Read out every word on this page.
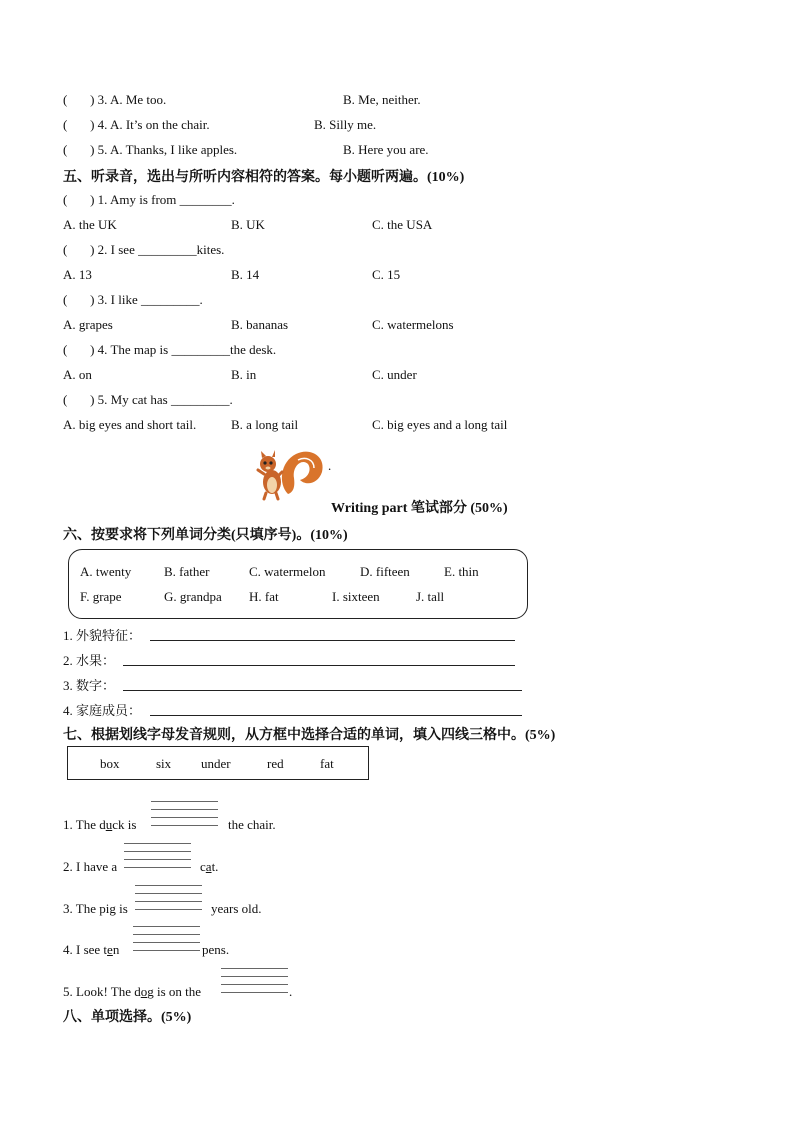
(       ) 3. A. Me too.	B. Me, neither.
(       ) 4. A. It’s on the chair.	B. Silly me.
(       ) 5. A. Thanks, I like apples.	B. Here you are.
五、听录音，选出与所听内容相符的答案。每小题听两遍。(10%)
(       ) 1. Amy is from ________.
A. the UK	B. UK	C. the USA
(       ) 2. I see _________kites.
A. 13	B. 14	C. 15
(       ) 3. I like _________.
A. grapes	B. bananas	C. watermelons
(       ) 4. The map is _________the desk.
A. on	B. in	C. under
(       ) 5. My cat has _________.
A. big eyes and short tail.	B. a long tail	C. big eyes and a long tail
.
Writing part 笔试部分 (50%)
六、按要求将下列单词分类(只填序号)。(10%)
A. twenty	B. father	C. watermelon	D. fifteen	E. thin
F. grape	G. grandpa H. fat	I. sixteen	J. tall
1. 外貌特征：
2. 水果：
3. 数字：
4. 家庭成员：
七、根据划线字母发音规则，从方框中选择合适的单词，填入四线三格中。(5%)
box	six under	red	fat
1. The duck is	the chair.
2. I have a	cat.
3. The pig is	years old.
4. I see ten	pens.
5. Look! The dog is on the	.
八、单项选择。(5%)
